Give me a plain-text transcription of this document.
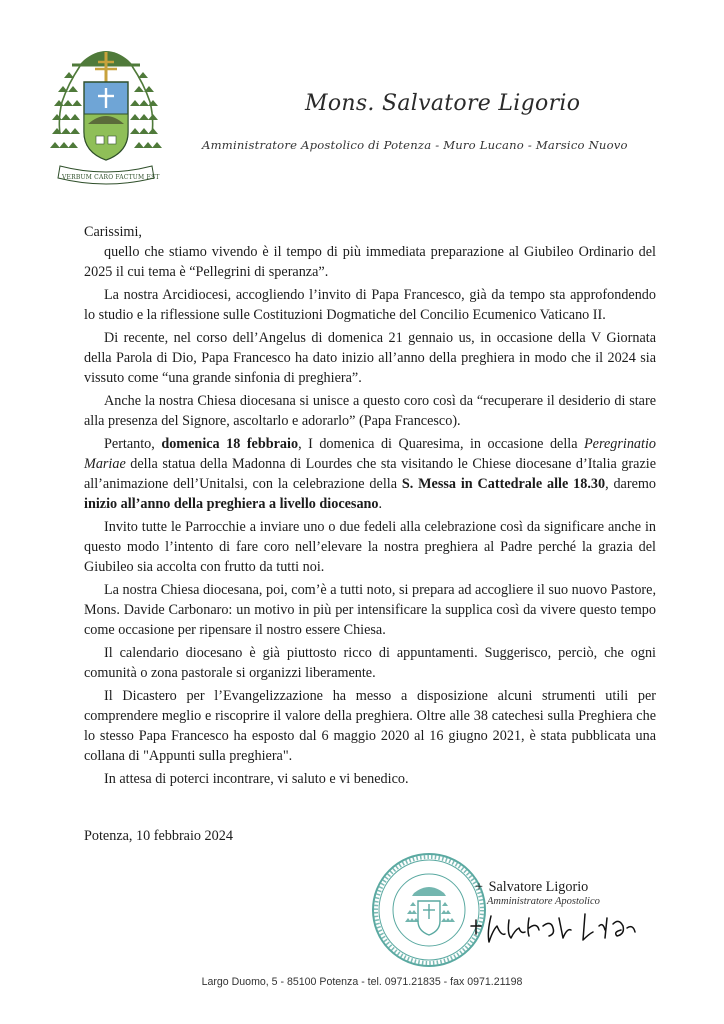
VERBUM CARO FACTUM EST
Mons. Salvatore Ligorio
Amministratore Apostolico di Potenza - Muro Lucano - Marsico Nuovo

Carissimi,

quello che stiamo vivendo è il tempo di più immediata preparazione al Giubileo Ordinario del 2025 il cui tema è “Pellegrini di speranza”.

La nostra Arcidiocesi, accogliendo l’invito di Papa Francesco, già da tempo sta approfondendo lo studio e la riflessione sulle Costituzioni Dogmatiche del Concilio Ecumenico Vaticano II.

Di recente, nel corso dell’Angelus di domenica 21 gennaio us, in occasione della V Giornata della Parola di Dio, Papa Francesco ha dato inizio all’anno della preghiera in modo che il 2024 sia vissuto come “una grande sinfonia di preghiera”.

Anche la nostra Chiesa diocesana si unisce a questo coro così da “recuperare il desiderio di stare alla presenza del Signore, ascoltarlo e adorarlo” (Papa Francesco).

Pertanto, domenica 18 febbraio, I domenica di Quaresima, in occasione della Peregrinatio Mariae della statua della Madonna di Lourdes che sta visitando le Chiese diocesane d’Italia grazie all’animazione dell’Unitalsi, con la celebrazione della S. Messa in Cattedrale alle 18.30, daremo inizio all’anno della preghiera a livello diocesano.

Invito tutte le Parrocchie a inviare uno o due fedeli alla celebrazione così da significare anche in questo modo l’intento di fare coro nell’elevare la nostra preghiera al Padre perché la grazia del Giubileo sia accolta con frutto da tutti noi.

La nostra Chiesa diocesana, poi, com’è a tutti noto, si prepara ad accogliere il suo nuovo Pastore, Mons. Davide Carbonaro: un motivo in più per intensificare la supplica così da vivere questo tempo come occasione per ripensare il nostro essere Chiesa.

Il calendario diocesano è già piuttosto ricco di appuntamenti. Suggerisco, perciò, che ogni comunità o zona pastorale si organizzi liberamente.

Il Dicastero per l’Evangelizzazione ha messo a disposizione alcuni strumenti utili per comprendere meglio e riscoprire il valore della preghiera. Oltre alle 38 catechesi sulla Preghiera che lo stesso Papa Francesco ha esposto dal 6 maggio 2020 al 16 giugno 2021, è stata pubblicata una collana di "Appunti sulla preghiera".

In attesa di poterci incontrare, vi saluto e vi benedico.

Potenza, 10 febbraio 2024
+ Salvatore Ligorio
Amministratore Apostolico
Largo Duomo, 5 - 85100 Potenza - tel. 0971.21835 - fax 0971.21198
